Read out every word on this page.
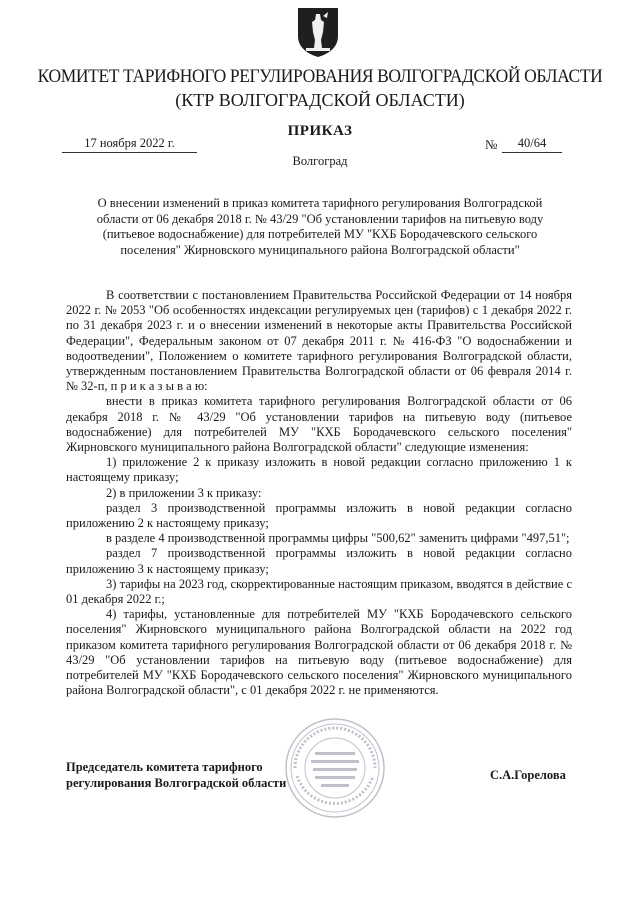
КОМИТЕТ ТАРИФНОГО РЕГУЛИРОВАНИЯ ВОЛГОГРАДСКОЙ ОБЛАСТИ
(КТР ВОЛГОГРАДСКОЙ ОБЛАСТИ)
ПРИКАЗ
17 ноября 2022 г.	№	40/64
Волгоград
О внесении изменений в приказ комитета тарифного регулирования Волгоградской области от 06 декабря 2018 г. № 43/29 "Об установлении тарифов на питьевую воду (питьевое водоснабжение) для потребителей МУ "КХБ Бородачевского сельского поселения" Жирновского муниципального района Волгоградской области"

В соответствии с постановлением Правительства Российской Федерации от 14 ноября 2022 г. № 2053 "Об особенностях индексации регулируемых цен (тарифов) с 1 декабря 2022 г. по 31 декабря 2023 г. и о внесении изменений в некоторые акты Правительства Российской Федерации", Федеральным законом от 07 декабря 2011 г. № 416-ФЗ "О водоснабжении и водоотведении", Положением о комитете тарифного регулирования Волгоградской области, утвержденным постановлением Правительства Волгоградской области от 06 февраля 2014 г. № 32-п, п р и к а з ы в а ю:

внести в приказ комитета тарифного регулирования Волгоградской области от 06 декабря 2018 г. № 43/29 "Об установлении тарифов на питьевую воду (питьевое водоснабжение) для потребителей МУ "КХБ Бородачевского сельского поселения" Жирновского муниципального района Волгоградской области" следующие изменения:

1) приложение 2 к приказу изложить в новой редакции согласно приложению 1 к настоящему приказу;

2) в приложении 3 к приказу:

раздел 3 производственной программы изложить в новой редакции согласно приложению 2 к настоящему приказу;

в разделе 4 производственной программы цифры "500,62" заменить цифрами "497,51";

раздел 7 производственной программы изложить в новой редакции согласно приложению 3 к настоящему приказу;

3) тарифы на 2023 год, скорректированные настоящим приказом, вводятся в действие с 01 декабря 2022 г.;

4) тарифы, установленные для потребителей МУ "КХБ Бородачевского сельского поселения" Жирновского муниципального района Волгоградской области на 2022 год приказом комитета тарифного регулирования Волгоградской области от 06 декабря 2018 г. № 43/29 "Об установлении тарифов на питьевую воду (питьевое водоснабжение) для потребителей МУ "КХБ Бородачевского сельского поселения" Жирновского муниципального района Волгоградской области", с 01 декабря 2022 г. не применяются.

Председатель комитета тарифного регулирования Волгоградской области
С.А.Горелова
